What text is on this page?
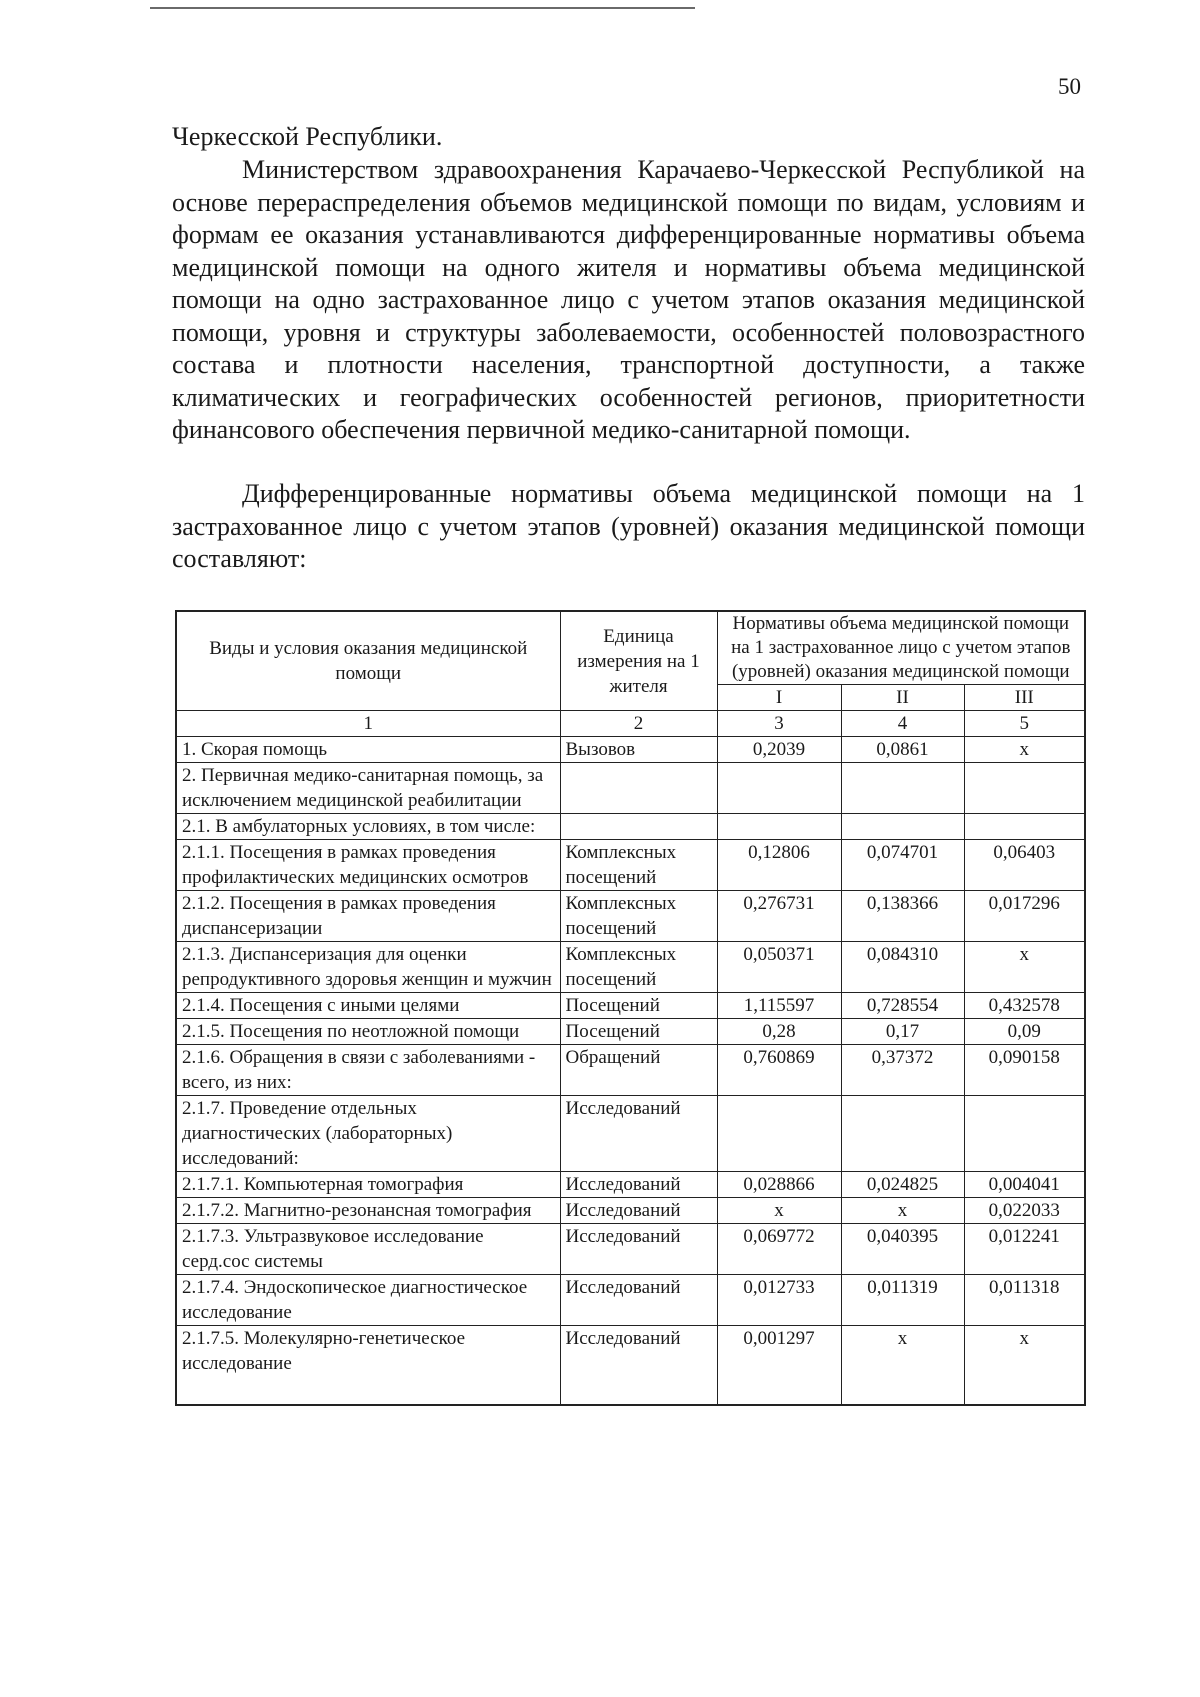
50
Черкесской Республики.
Министерством здравоохранения Карачаево-Черкесской Республикой на основе перераспределения объемов медицинской помощи по видам, условиям и формам ее оказания устанавливаются дифференцированные нормативы объема медицинской помощи на одного жителя и нормативы объема медицинской помощи на одно застрахованное лицо с учетом этапов оказания медицинской помощи, уровня и структуры заболеваемости, особенностей половозрастного состава и плотности населения, транспортной доступности, а также климатических и географических особенностей регионов, приоритетности финансового обеспечения первичной медико-санитарной помощи.
Дифференцированные нормативы объема медицинской помощи на 1 застрахованное лицо с учетом этапов (уровней) оказания медицинской помощи составляют:
Виды и условия оказания медицинской помощи	Единица измерения на 1 жителя	Нормативы объема медицинской помощи на 1 застрахованное лицо с учетом этапов (уровней) оказания медицинской помощи		
		I	II	III
1	2	3	4	5
1. Скорая помощь	Вызовов	0,2039	0,0861	x
2. Первичная медико-санитарная помощь, за исключением медицинской реабилитации				
2.1. В амбулаторных условиях, в том числе:				
2.1.1. Посещения в рамках проведения профилактических медицинских осмотров	Комплексных посещений	0,12806	0,074701	0,06403
2.1.2. Посещения в рамках проведения диспансеризации	Комплексных посещений	0,276731	0,138366	0,017296
2.1.3. Диспансеризация для оценки репродуктивного здоровья женщин и мужчин	Комплексных посещений	0,050371	0,084310	x
2.1.4. Посещения с иными целями	Посещений	1,115597	0,728554	0,432578
2.1.5. Посещения по неотложной помощи	Посещений	0,28	0,17	0,09
2.1.6. Обращения в связи с заболеваниями - всего, из них:	Обращений	0,760869	0,37372	0,090158
2.1.7. Проведение отдельных диагностических (лабораторных) исследований:	Исследований			
2.1.7.1. Компьютерная томография	Исследований	0,028866	0,024825	0,004041
2.1.7.2. Магнитно-резонансная томография	Исследований	x	x	0,022033
2.1.7.3. Ультразвуковое исследование серд.сос системы	Исследований	0,069772	0,040395	0,012241
2.1.7.4. Эндоскопическое диагностическое исследование	Исследований	0,012733	0,011319	0,011318
2.1.7.5. Молекулярно-генетическое исследование	Исследований	0,001297	x	x
